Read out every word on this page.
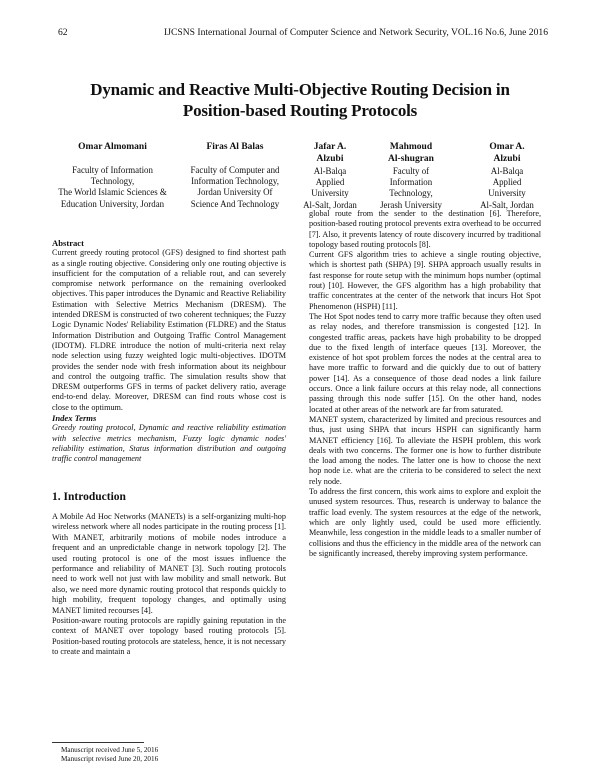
62	IJCSNS International Journal of Computer Science and Network Security, VOL.16 No.6, June 2016
Dynamic and Reactive Multi-Objective Routing Decision in
Position-based Routing Protocols
Omar Almomani
Faculty of Information
Technology,
The World Islamic Sciences &
Education University, Jordan
Firas Al Balas
Faculty of Computer and
Information Technology,
Jordan University Of
Science And Technology
Jafar A.
Alzubi
Al-Balqa
Applied
University
Al-Salt, Jordan
Mahmoud
Al-shugran
Faculty of
Information
Technology,
Jerash University
Omar A.
Alzubi
Al-Balqa
Applied
University
Al-Salt, Jordan
Abstract

Current greedy routing protocol (GFS) designed to find shortest path as a single routing objective. Considering only one routing objective is insufficient for the computation of a reliable rout, and can severely compromise network performance on the remaining overlooked objectives. This paper introduces the Dynamic and Reactive Reliability Estimation with Selective Metrics Mechanism (DRESM). The intended DRESM is constructed of two coherent techniques; the Fuzzy Logic Dynamic Nodes' Reliability Estimation (FLDRE) and the Status Information Distribution and Outgoing Traffic Control Management (IDOTM). FLDRE introduce the notion of multi-criteria next relay node selection using fuzzy weighted logic multi-objectives. IDOTM provides the sender node with fresh information about its neighbour and control the outgoing traffic. The simulation results show that DRESM outperforms GFS in terms of packet delivery ratio, average end-to-end delay. Moreover, DRESM can find routs whose cost is close to the optimum.

Index Terms

Greedy routing protocol, Dynamic and reactive reliability estimation with selective metrics mechanism, Fuzzy logic dynamic nodes' reliability estimation, Status information distribution and outgoing traffic control management

1. Introduction

A Mobile Ad Hoc Networks (MANETs) is a self-organizing multi-hop wireless network where all nodes participate in the routing process [1]. With MANET, arbitrarily motions of mobile nodes introduce a frequent and an unpredictable change in network topology [2]. The used routing protocol is one of the most issues influence the performance and reliability of MANET [3]. Such routing protocols need to work well not just with law mobility and small network. But also, we need more dynamic routing protocol that responds quickly to high mobility, frequent topology changes, and optimally using MANET limited recourses [4].

Position-aware routing protocols are rapidly gaining reputation in the context of MANET over topology based routing protocols [5]. Position-based routing protocols are stateless, hence, it is not necessary to create and maintain a

global route from the sender to the destination [6]. Therefore, position-based routing protocol prevents extra overhead to be occurred [7]. Also, it prevents latency of route discovery incurred by traditional topology based routing protocols [8].

Current GFS algorithm tries to achieve a single routing objective, which is shortest path (SHPA) [9]. SHPA approach usually results in fast response for route setup with the minimum hops number (optimal rout) [10]. However, the GFS algorithm has a high probability that traffic concentrates at the center of the network that incurs Hot Spot Phenomenon (HSPH) [11].

The Hot Spot nodes tend to carry more traffic because they often used as relay nodes, and therefore transmission is congested [12]. In congested traffic areas, packets have high probability to be dropped due to the fixed length of interface queues [13]. Moreover, the existence of hot spot problem forces the nodes at the central area to have more traffic to forward and die quickly due to out of battery power [14]. As a consequence of those dead nodes a link failure occurs. Once a link failure occurs at this relay node, all connections passing through this node suffer [15]. On the other hand, nodes located at other areas of the network are far from saturated.

MANET system, characterized by limited and precious resources and thus, just using SHPA that incurs HSPH can significantly harm MANET efficiency [16]. To alleviate the HSPH problem, this work deals with two concerns. The former one is how to further distribute the load among the nodes. The latter one is how to choose the next hop node i.e. what are the criteria to be considered to select the next rely node.

To address the first concern, this work aims to explore and exploit the unused system resources. Thus, research is underway to balance the traffic load evenly. The system resources at the edge of the network, which are only lightly used, could be used more efficiently. Meanwhile, less congestion in the middle leads to a smaller number of collisions and thus the efficiency in the middle area of the network can be significantly increased, thereby improving system performance.

Manuscript received June 5, 2016
Manuscript revised June 20, 2016
